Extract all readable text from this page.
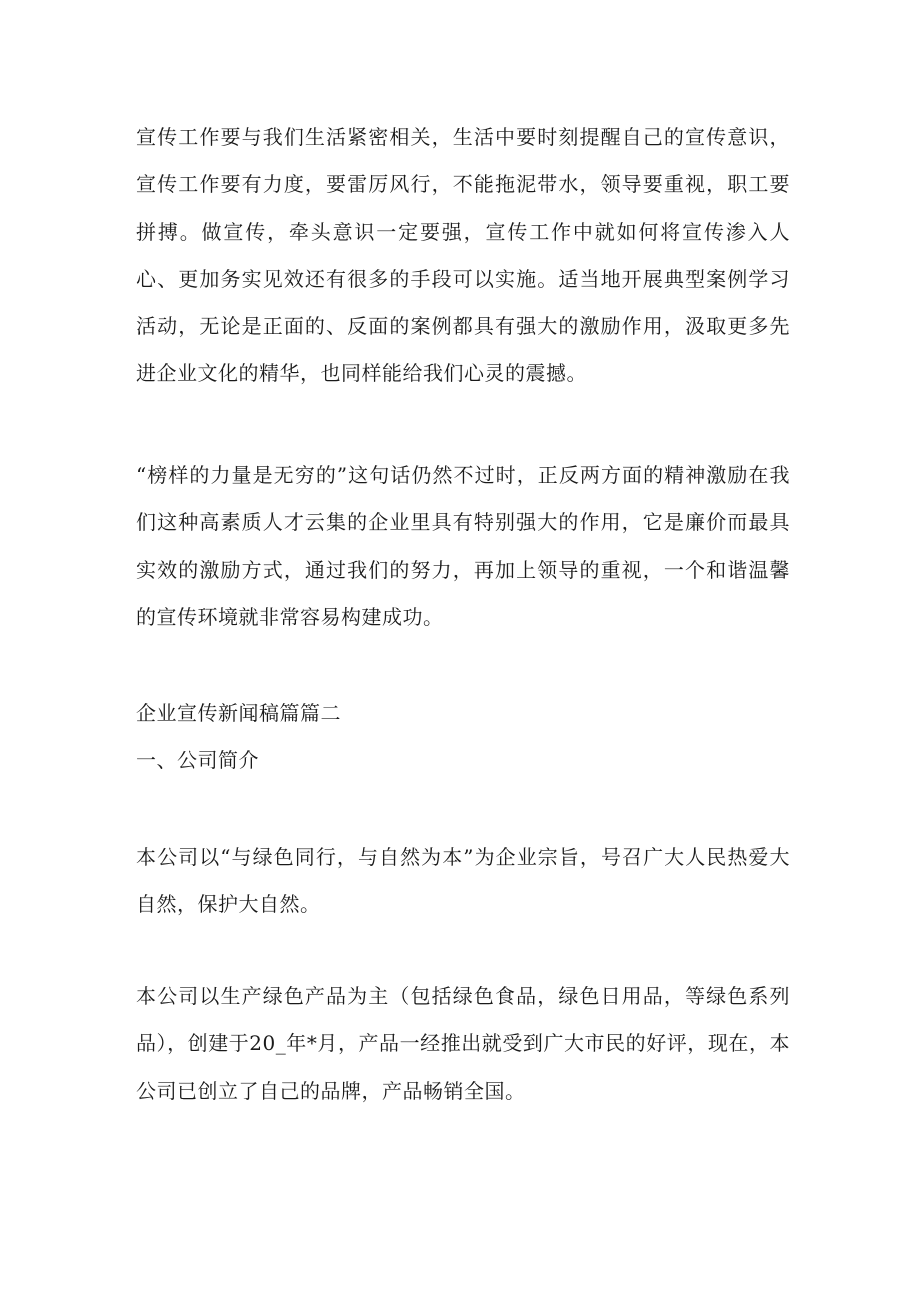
宣传工作要与我们生活紧密相关，生活中要时刻提醒自己的宣传意识，宣传工作要有力度，要雷厉风行，不能拖泥带水，领导要重视，职工要拼搏。做宣传，牵头意识一定要强，宣传工作中就如何将宣传渗入人心、更加务实见效还有很多的手段可以实施。适当地开展典型案例学习活动，无论是正面的、反面的案例都具有强大的激励作用，汲取更多先进企业文化的精华，也同样能给我们心灵的震撼。

“榜样的力量是无穷的”这句话仍然不过时，正反两方面的精神激励在我们这种高素质人才云集的企业里具有特别强大的作用，它是廉价而最具实效的激励方式，通过我们的努力，再加上领导的重视，一个和谐温馨的宣传环境就非常容易构建成功。

企业宣传新闻稿篇篇二

一、公司简介

本公司以“与绿色同行，与自然为本”为企业宗旨，号召广大人民热爱大自然，保护大自然。

本公司以生产绿色产品为主（包括绿色食品，绿色日用品，等绿色系列品），创建于20_年*月，产品一经推出就受到广大市民的好评，现在，本公司已创立了自己的品牌，产品畅销全国。
